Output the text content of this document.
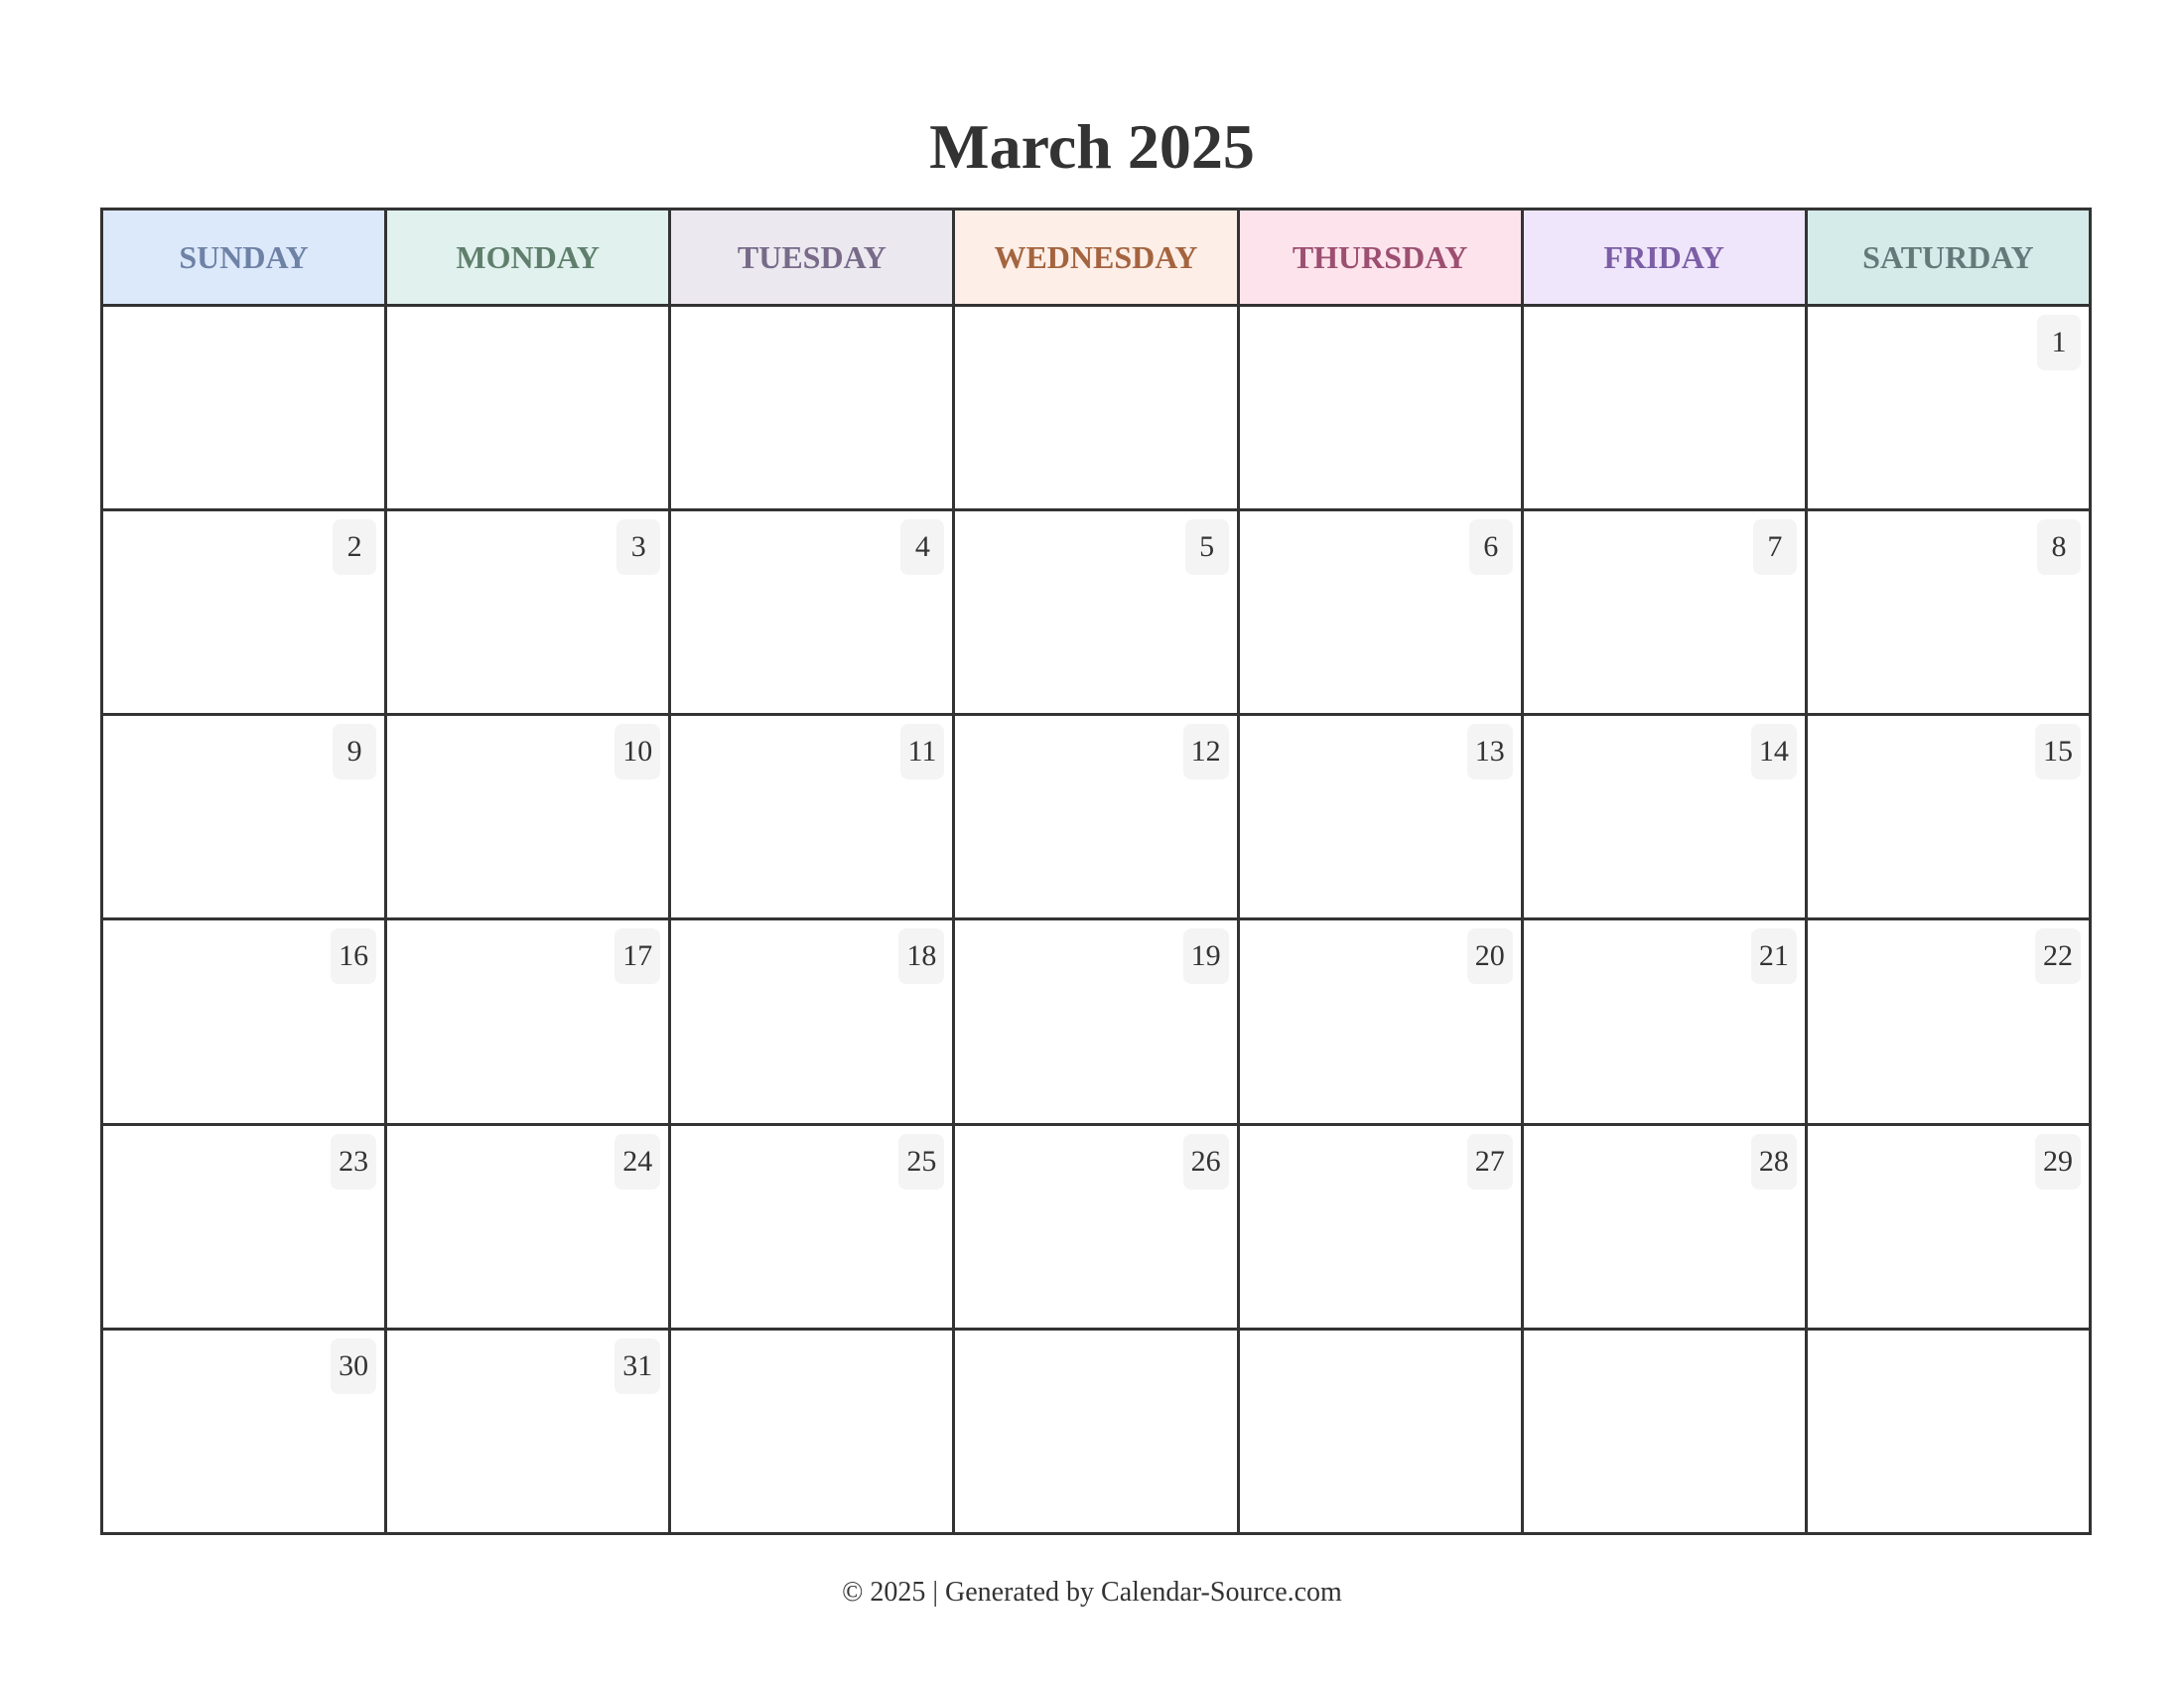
March 2025
SUNDAY	MONDAY	TUESDAY	WEDNESDAY	THURSDAY	FRIDAY	SATURDAY
						1
2	3	4	5	6	7	8
9	10	11	12	13	14	15
16	17	18	19	20	21	22
23	24	25	26	27	28	29
30	31					
© 2025 | Generated by Calendar-Source.com
